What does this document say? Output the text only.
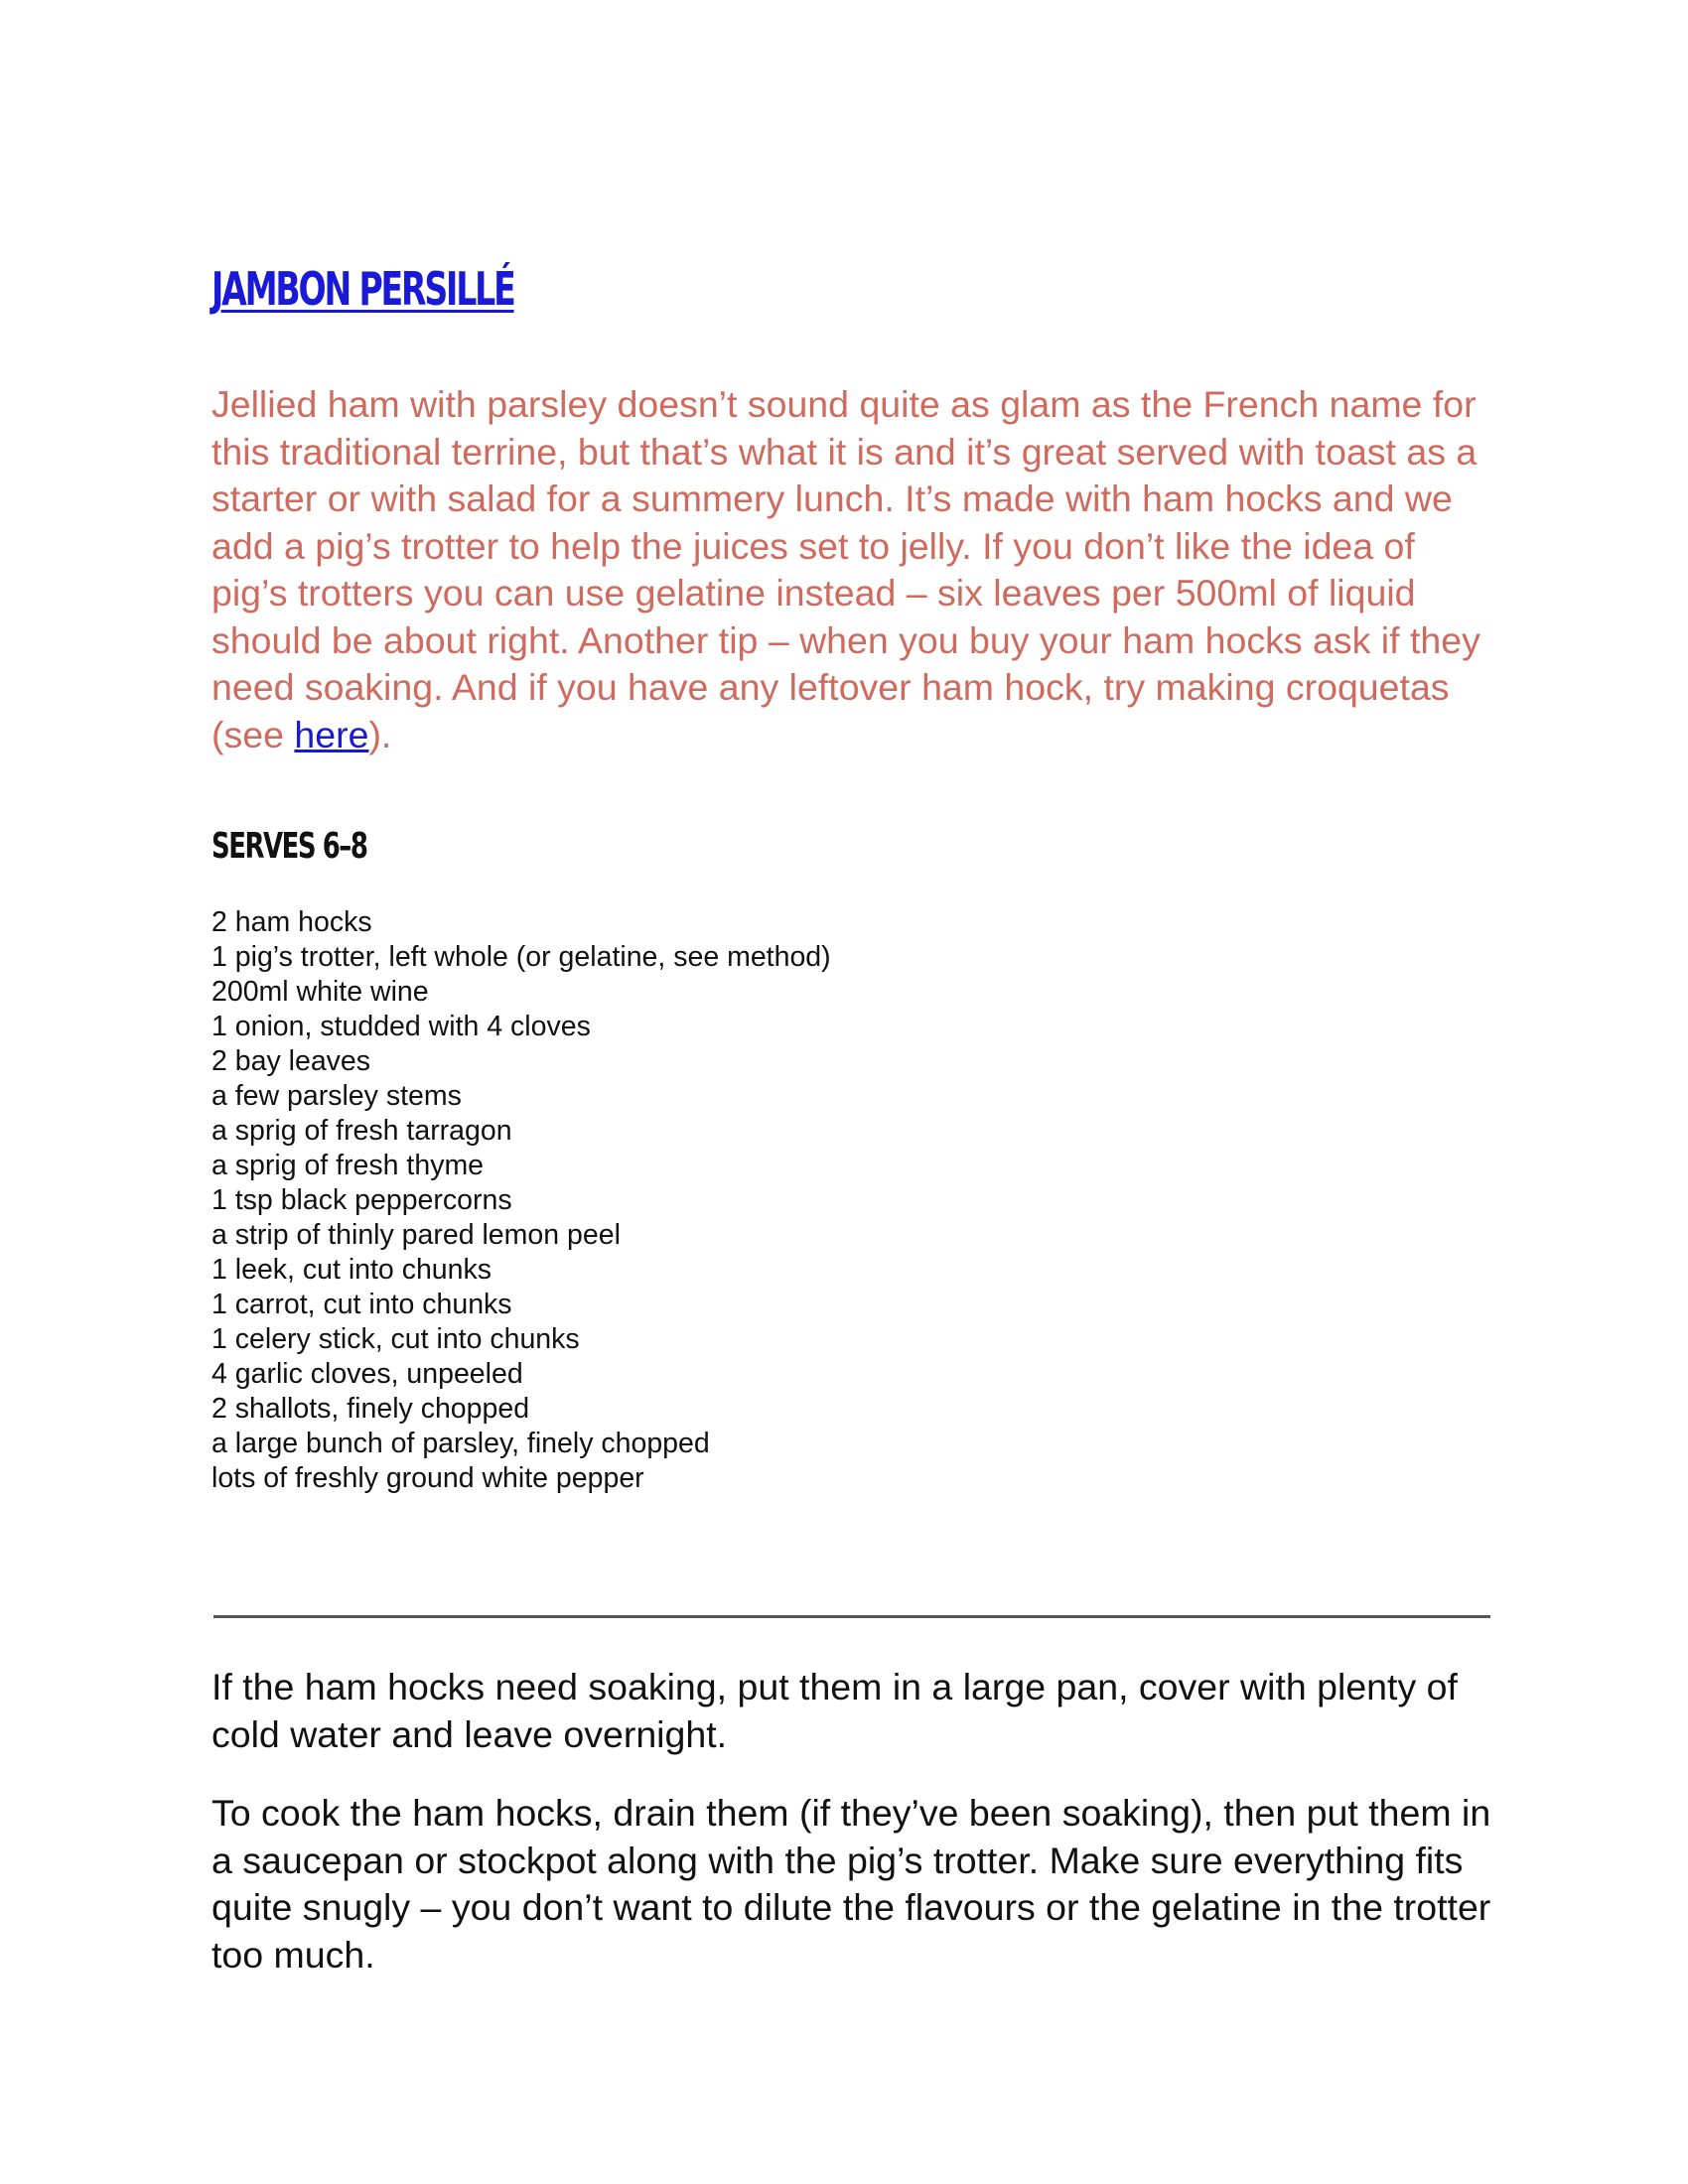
JAMBON PERSILLÉ

Jellied ham with parsley doesn’t sound quite as glam as the French name for this traditional terrine, but that’s what it is and it’s great served with toast as a starter or with salad for a summery lunch. It’s made with ham hocks and we add a pig’s trotter to help the juices set to jelly. If you don’t like the idea of pig’s trotters you can use gelatine instead – six leaves per 500ml of liquid should be about right. Another tip – when you buy your ham hocks ask if they need soaking. And if you have any leftover ham hock, try making croquetas (see here).

SERVES 6–8
2 ham hocks
1 pig’s trotter, left whole (or gelatine, see method)
200ml white wine
1 onion, studded with 4 cloves
2 bay leaves
a few parsley stems
a sprig of fresh tarragon
a sprig of fresh thyme
1 tsp black peppercorns
a strip of thinly pared lemon peel
1 leek, cut into chunks
1 carrot, cut into chunks
1 celery stick, cut into chunks
4 garlic cloves, unpeeled
2 shallots, finely chopped
a large bunch of parsley, finely chopped
lots of freshly ground white pepper

If the ham hocks need soaking, put them in a large pan, cover with plenty of cold water and leave overnight.

To cook the ham hocks, drain them (if they’ve been soaking), then put them in a saucepan or stockpot along with the pig’s trotter. Make sure everything fits quite snugly – you don’t want to dilute the flavours or the gelatine in the trotter too much.
